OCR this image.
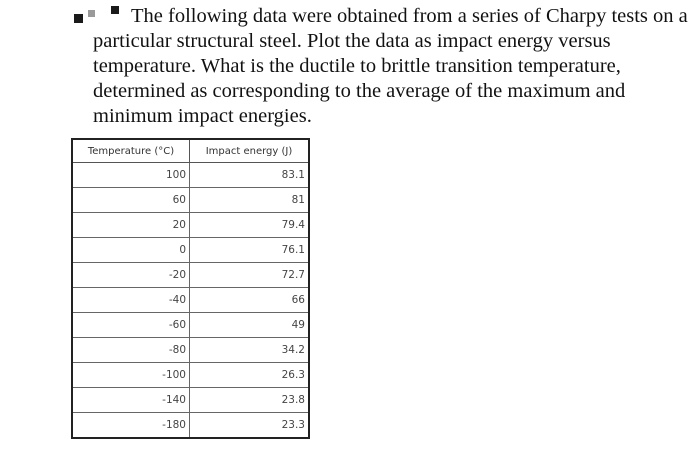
The following data were obtained from a series of Charpy tests on a particular structural steel. Plot the data as impact energy versus temperature. What is the ductile to brittle transition temperature, determined as corresponding to the average of the maximum and minimum impact energies.

Temperature (°C)	Impact energy (J)
100	83.1
60	81
20	79.4
0	76.1
-20	72.7
-40	66
-60	49
-80	34.2
-100	26.3
-140	23.8
-180	23.3
